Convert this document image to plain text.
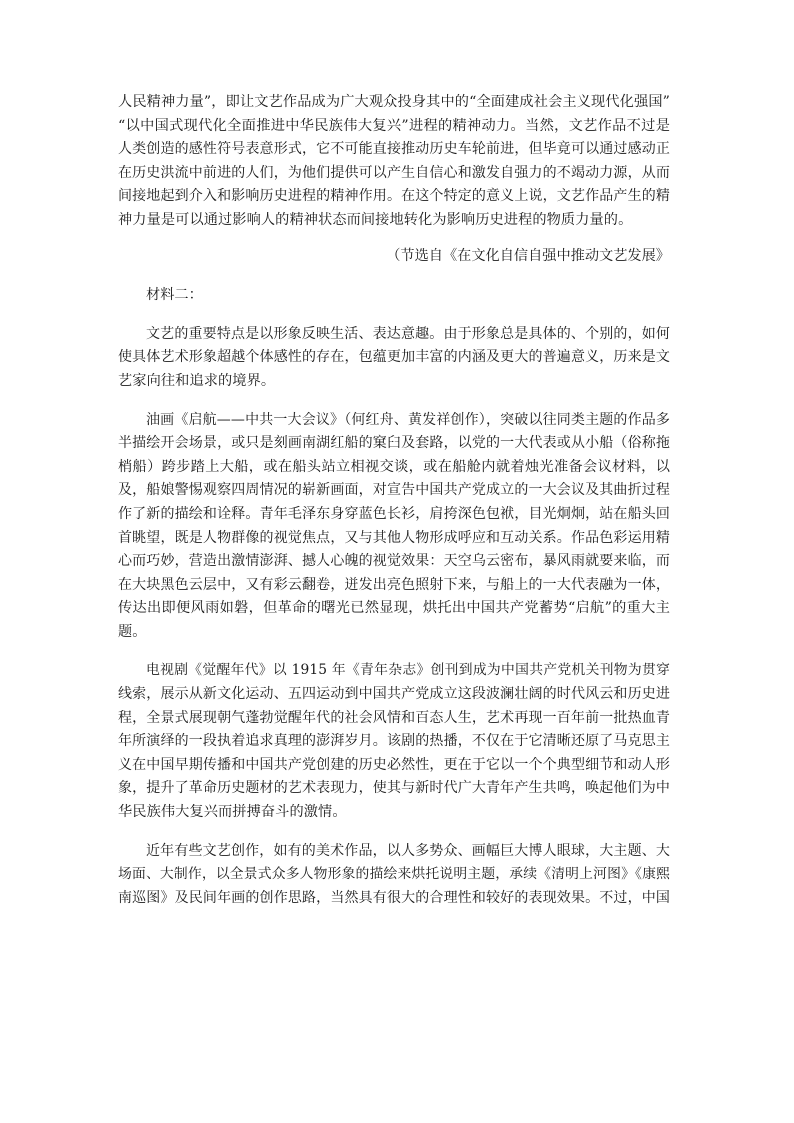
人民精神力量”，即让文艺作品成为广大观众投身其中的“全面建成社会主义现代化强国”
“以中国式现代化全面推进中华民族伟大复兴”进程的精神动力。当然，文艺作品不过是
人类创造的感性符号表意形式，它不可能直接推动历史车轮前进，但毕竟可以通过感动正
在历史洪流中前进的人们，为他们提供可以产生自信心和激发自强力的不竭动力源，从而
间接地起到介入和影响历史进程的精神作用。在这个特定的意义上说，文艺作品产生的精
神力量是可以通过影响人的精神状态而间接地转化为影响历史进程的物质力量的。
（节选自《在文化自信自强中推动文艺发展》
材料二：
文艺的重要特点是以形象反映生活、表达意趣。由于形象总是具体的、个别的，如何
使具体艺术形象超越个体感性的存在，包蕴更加丰富的内涵及更大的普遍意义，历来是文
艺家向往和追求的境界。
油画《启航——中共一大会议》（何红舟、黄发祥创作），突破以往同类主题的作品多
半描绘开会场景，或只是刻画南湖红船的窠臼及套路，以党的一大代表或从小船（俗称拖
梢船）跨步踏上大船，或在船头站立相视交谈，或在船舱内就着烛光准备会议材料，以
及，船娘警惕观察四周情况的崭新画面，对宣告中国共产党成立的一大会议及其曲折过程
作了新的描绘和诠释。青年毛泽东身穿蓝色长衫，肩挎深色包袱，目光炯炯，站在船头回
首眺望，既是人物群像的视觉焦点，又与其他人物形成呼应和互动关系。作品色彩运用精
心而巧妙，营造出激情澎湃、撼人心魄的视觉效果：天空乌云密布，暴风雨就要来临，而
在大块黑色云层中，又有彩云翻卷，迸发出亮色照射下来，与船上的一大代表融为一体，
传达出即便风雨如磐，但革命的曙光已然显现，烘托出中国共产党蓄势“启航”的重大主
题。
电视剧《觉醒年代》以 1915 年《青年杂志》创刊到成为中国共产党机关刊物为贯穿
线索，展示从新文化运动、五四运动到中国共产党成立这段波澜壮阔的时代风云和历史进
程，全景式展现朝气蓬勃觉醒年代的社会风情和百态人生，艺术再现一百年前一批热血青
年所演绎的一段执着追求真理的澎湃岁月。该剧的热播，不仅在于它清晰还原了马克思主
义在中国早期传播和中国共产党创建的历史必然性，更在于它以一个个典型细节和动人形
象，提升了革命历史题材的艺术表现力，使其与新时代广大青年产生共鸣，唤起他们为中
华民族伟大复兴而拼搏奋斗的激情。
近年有些文艺创作，如有的美术作品，以人多势众、画幅巨大博人眼球，大主题、大
场面、大制作，以全景式众多人物形象的描绘来烘托说明主题，承续《清明上河图》《康熙
南巡图》及民间年画的创作思路，当然具有很大的合理性和较好的表现效果。不过，中国
